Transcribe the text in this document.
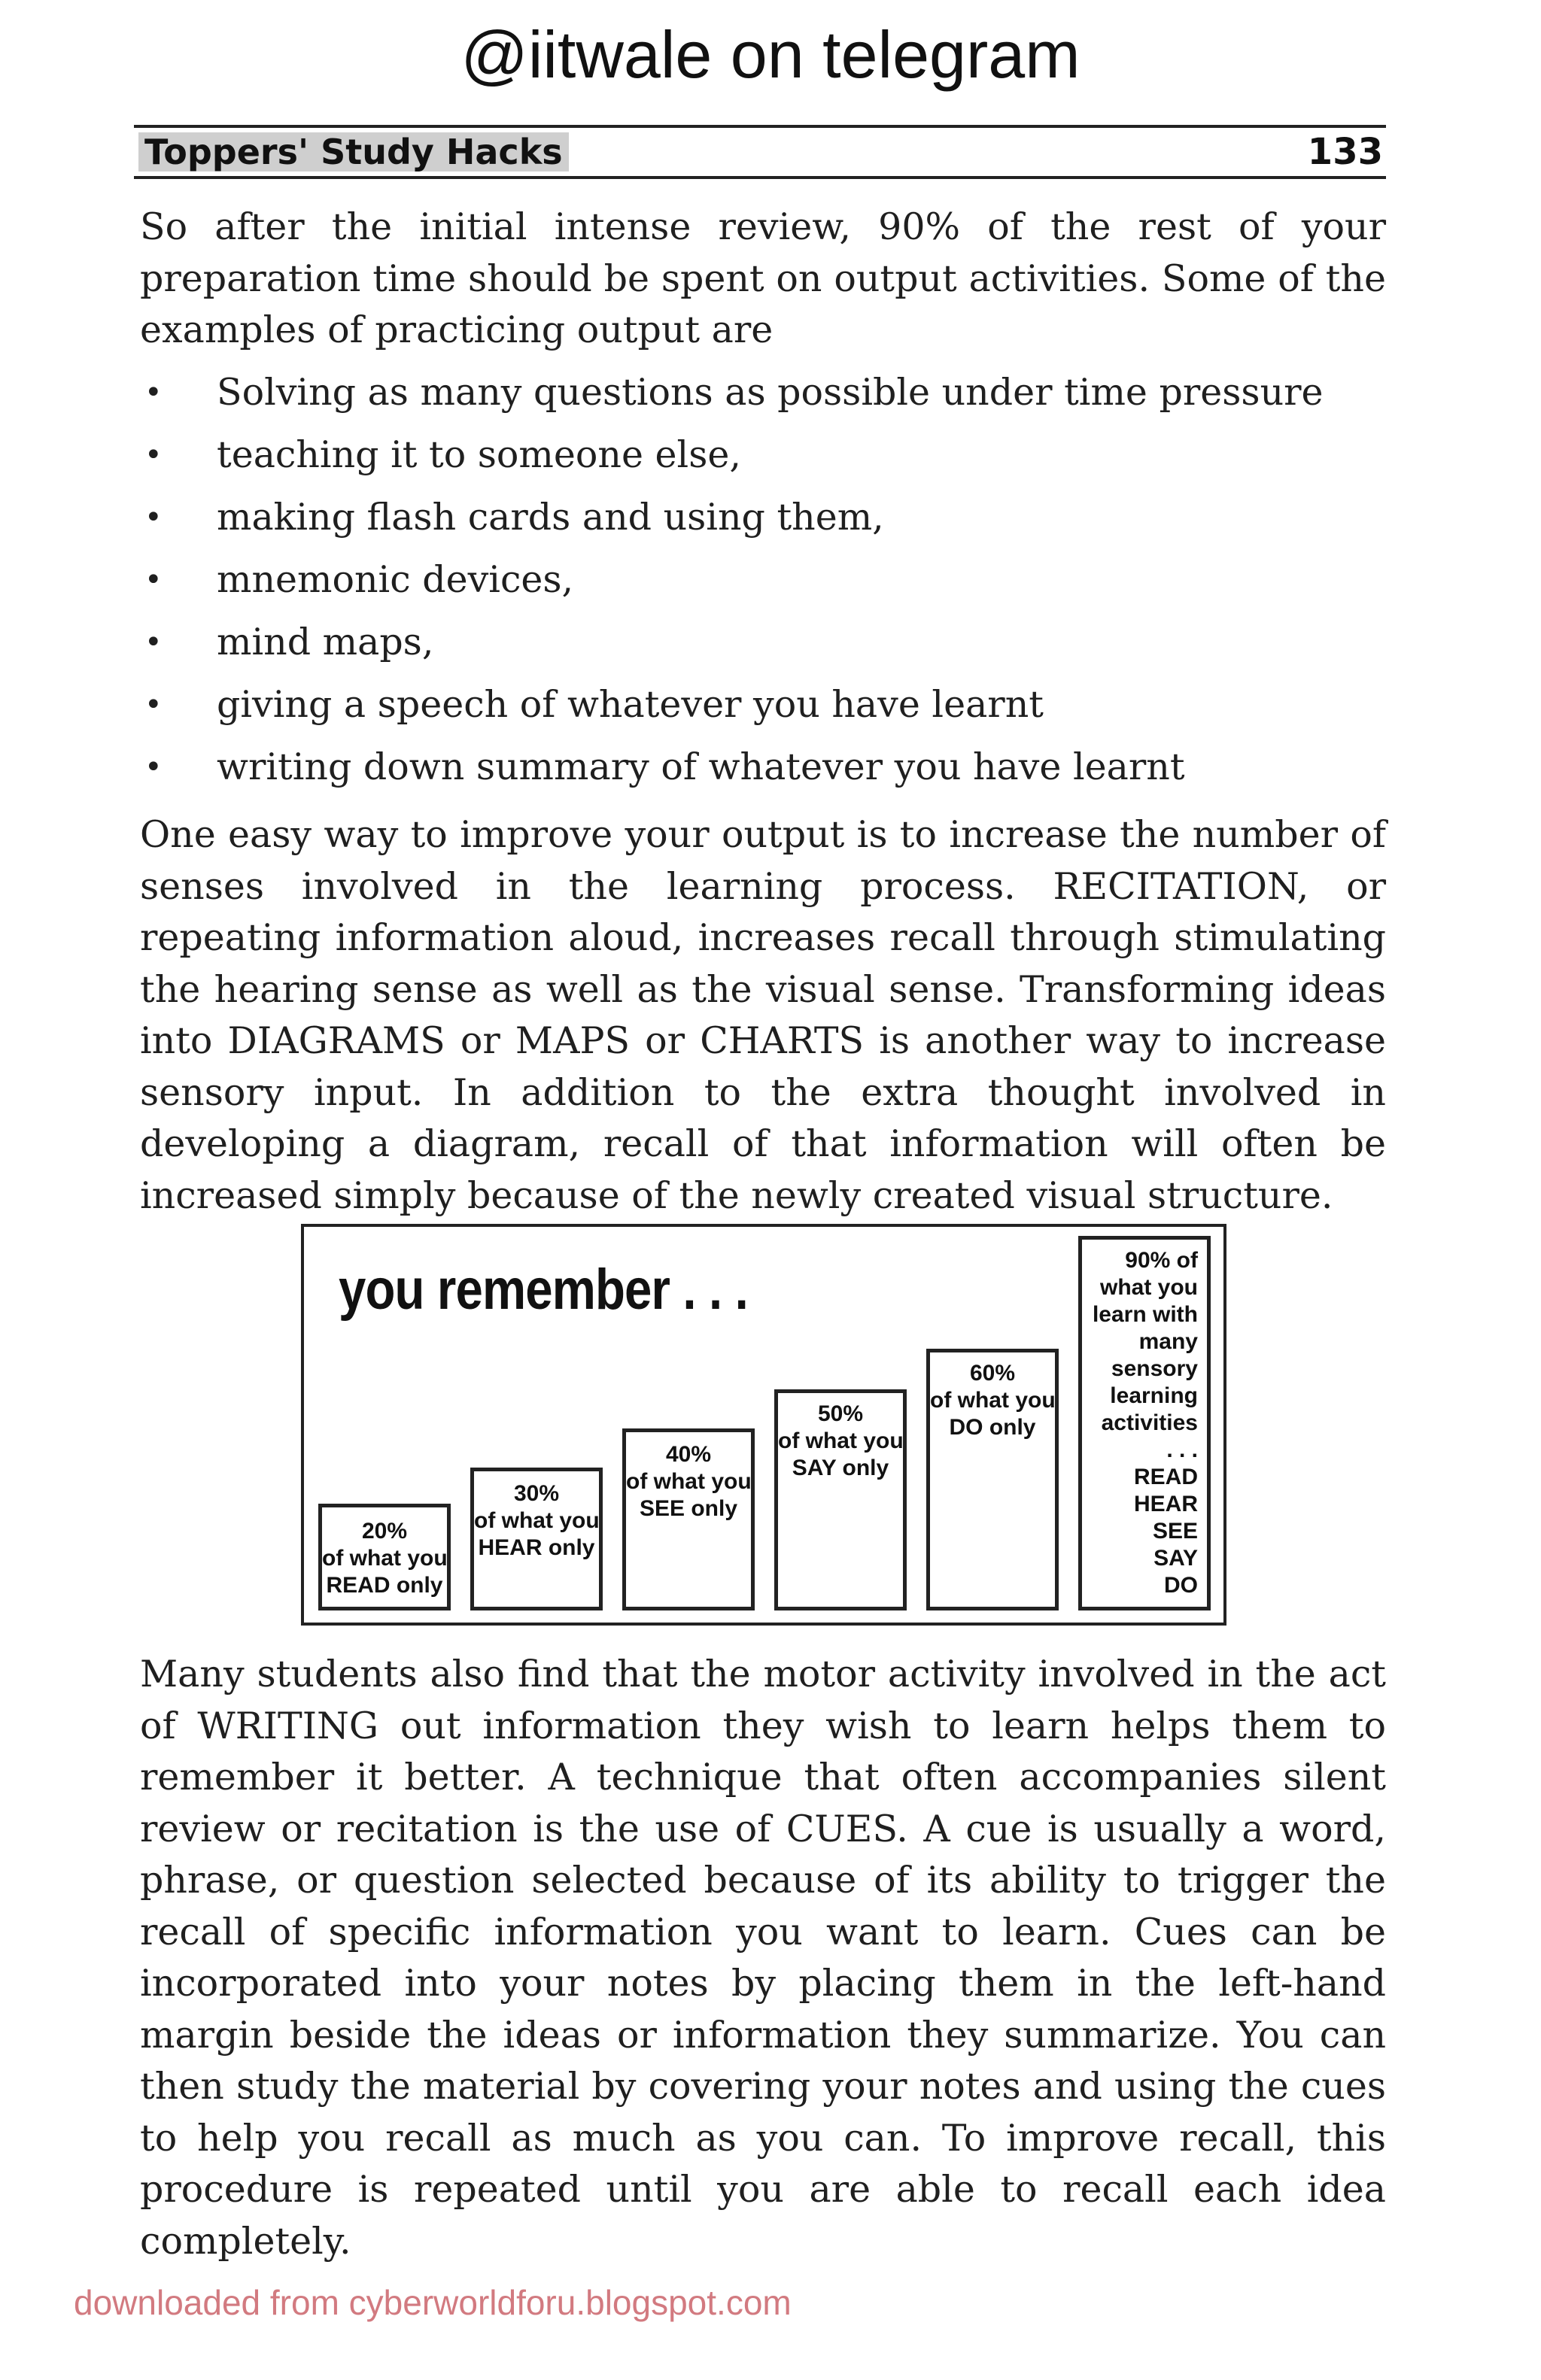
@iitwale on telegram
Toppers' Study Hacks	133

So after the initial intense review, 90% of the rest of your preparation time should be spent on output activities. Some of the examples of practicing output are

• Solving as many questions as possible under time pressure
• teaching it to someone else,
• making flash cards and using them,
• mnemonic devices,
• mind maps,
• giving a speech of whatever you have learnt
• writing down summary of whatever you have learnt

One easy way to improve your output is to increase the number of senses involved in the learning process. RECITATION, or repeating information aloud, increases recall through stimulating the hearing sense as well as the visual sense. Transforming ideas into DIAGRAMS or MAPS or CHARTS is another way to increase sensory input. In addition to the extra thought involved in developing a diagram, recall of that information will often be increased simply because of the newly created visual structure.

you remember . . .
20%
of what you
READ only
30%
of what you
HEAR only
40%
of what you
SEE only
50%
of what you
SAY only
60%
of what you
DO only
90% of
what you
learn with
many
sensory
learning
activities
. . .
READ
HEAR
SEE
SAY
DO

Many students also find that the motor activity involved in the act of WRITING out information they wish to learn helps them to remember it better. A technique that often accompanies silent review or recitation is the use of CUES. A cue is usually a word, phrase, or question selected because of its ability to trigger the recall of specific information you want to learn. Cues can be incorporated into your notes by placing them in the left-hand margin beside the ideas or information they summarize. You can then study the material by covering your notes and using the cues to help you recall as much as you can. To improve recall, this procedure is repeated until you are able to recall each idea completely.

downloaded from cyberworldforu.blogspot.com
